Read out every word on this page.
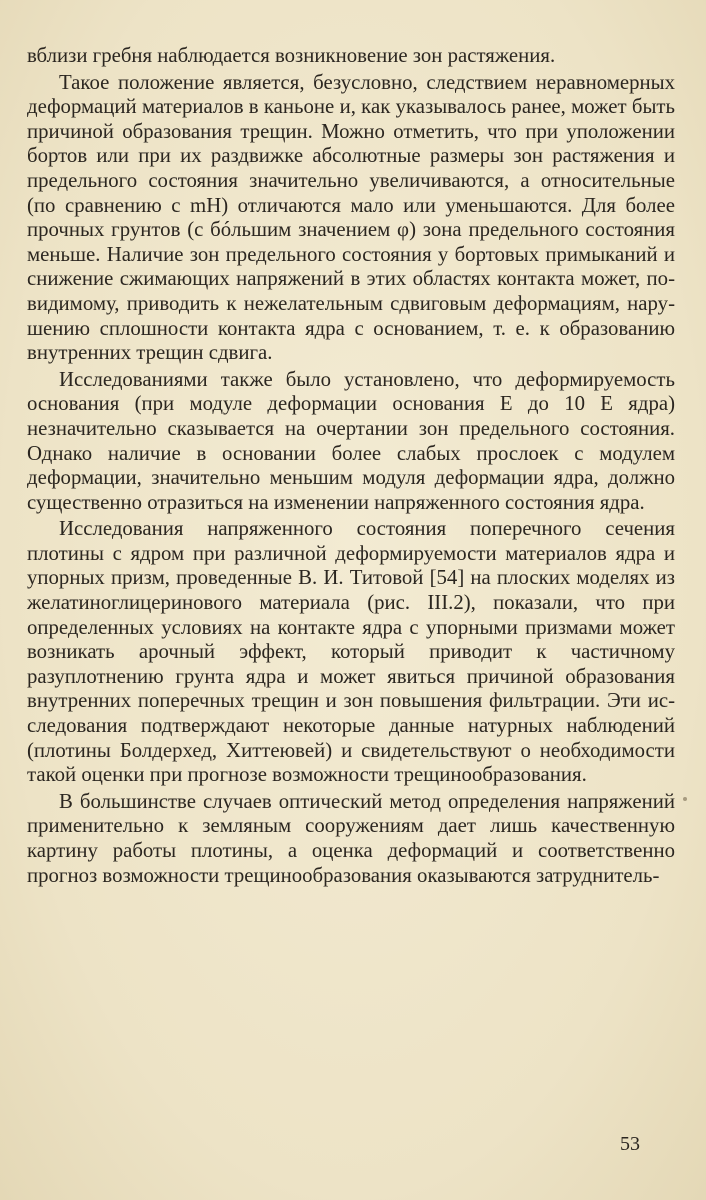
вблизи гребня наблюдается возникновение зон растяжения.

Такое положение является, безусловно, следствием неравномерных деформаций материалов в каньоне и, как указывалось ранее, может быть причиной образования трещин. Можно отметить, что при уположении бортов или при их раздвижке абсолютные размеры зон растяжения и предельного состояния значительно увеличиваются, а относительные (по сравнению с mH) отличаются мало или уменьшаются. Для более прочных грунтов (с бóльшим значением φ) зона предельного состояния меньше. Наличие зон предельного состояния у бортовых примыканий и снижение сжимающих напряжений в этих областях контакта может, по-видимому, приводить к нежелательным сдвиговым деформациям, нарушению сплошности контакта ядра с основанием, т. е. к образованию внутренних трещин сдвига.

Исследованиями также было установлено, что деформируемость основания (при модуле деформации основания E до 10 E ядра) незначительно сказывается на очертании зон предельного состояния. Однако наличие в основании более слабых прослоек с модулем деформации, значительно меньшим модуля деформации ядра, должно существенно отразиться на изменении напряженного состояния ядра.

Исследования напряженного состояния поперечного сечения плотины с ядром при различной деформируемости материалов ядра и упорных призм, проведенные В. И. Титовой [54] на плоских моделях из желатиноглицеринового материала (рис. III.2), показали, что при определенных условиях на контакте ядра с упорными призмами может возникать арочный эффект, который приводит к частичному разуплотнению грунта ядра и может явиться причиной образования внутренних поперечных трещин и зон повышения фильтрации. Эти исследования подтверждают некоторые данные натурных наблюдений (плотины Болдерхед, Хиттеювей) и свидетельствуют о необходимости такой оценки при прогнозе возможности трещинообразования.

В большинстве случаев оптический метод определения напряжений применительно к земляным сооружениям дает лишь качественную картину работы плотины, а оценка деформаций и соответственно прогноз возможности трещинообразования оказываются затруднитель-

53
